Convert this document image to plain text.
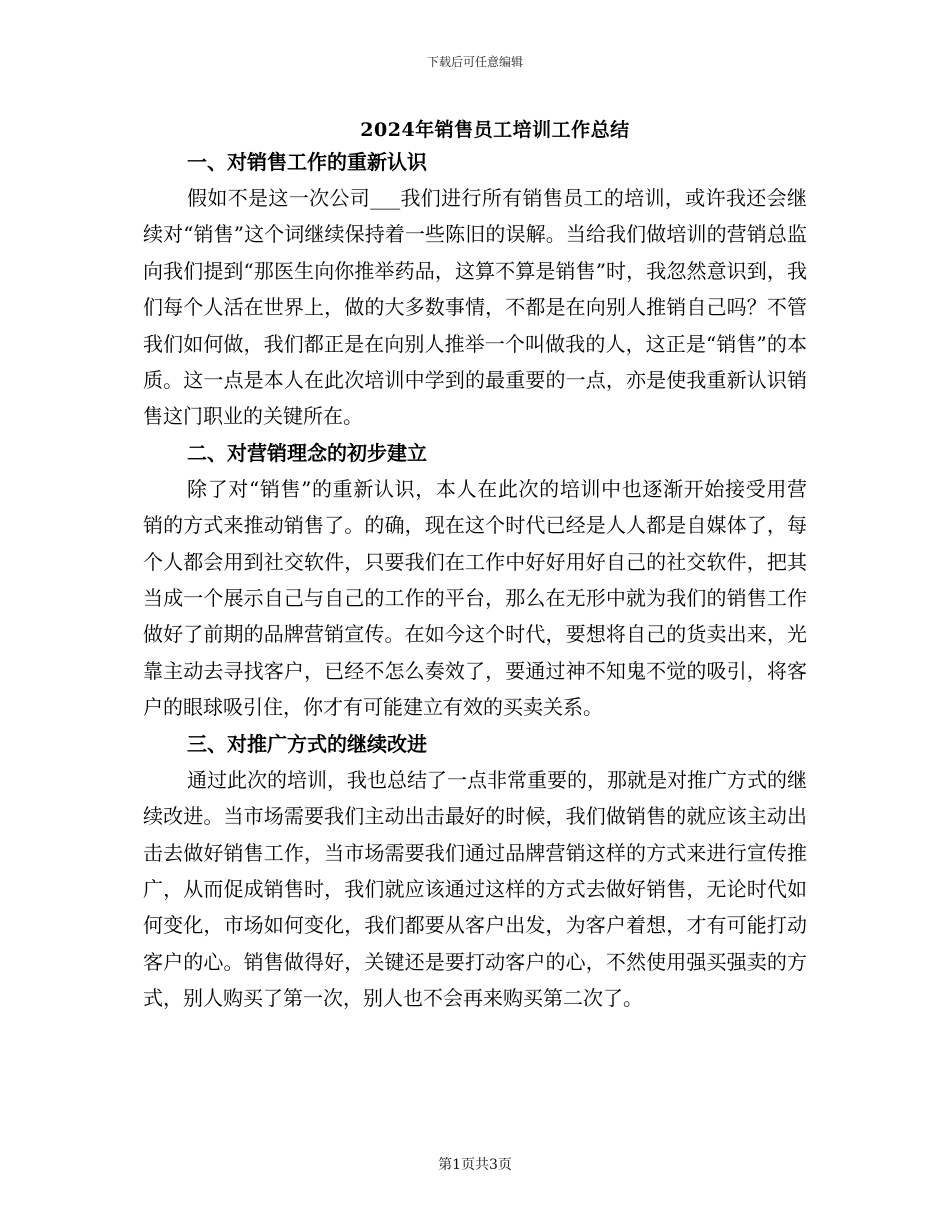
下载后可任意编辑
2024年销售员工培训工作总结

一、对销售工作的重新认识

假如不是这一次公司___我们进行所有销售员工的培训，或许我还会继续对“销售”这个词继续保持着一些陈旧的误解。当给我们做培训的营销总监向我们提到“那医生向你推举药品，这算不算是销售”时，我忽然意识到，我们每个人活在世界上，做的大多数事情，不都是在向别人推销自己吗？不管我们如何做，我们都正是在向别人推举一个叫做我的人，这正是“销售”的本质。这一点是本人在此次培训中学到的最重要的一点，亦是使我重新认识销售这门职业的关键所在。

二、对营销理念的初步建立

除了对“销售”的重新认识，本人在此次的培训中也逐渐开始接受用营销的方式来推动销售了。的确，现在这个时代已经是人人都是自媒体了，每个人都会用到社交软件，只要我们在工作中好好用好自己的社交软件，把其当成一个展示自己与自己的工作的平台，那么在无形中就为我们的销售工作做好了前期的品牌营销宣传。在如今这个时代，要想将自己的货卖出来，光靠主动去寻找客户，已经不怎么奏效了，要通过神不知鬼不觉的吸引，将客户的眼球吸引住，你才有可能建立有效的买卖关系。

三、对推广方式的继续改进

通过此次的培训，我也总结了一点非常重要的，那就是对推广方式的继续改进。当市场需要我们主动出击最好的时候，我们做销售的就应该主动出击去做好销售工作，当市场需要我们通过品牌营销这样的方式来进行宣传推广，从而促成销售时，我们就应该通过这样的方式去做好销售，无论时代如何变化，市场如何变化，我们都要从客户出发，为客户着想，才有可能打动客户的心。销售做得好，关键还是要打动客户的心，不然使用强买强卖的方式，别人购买了第一次，别人也不会再来购买第二次了。

第1页共3页
